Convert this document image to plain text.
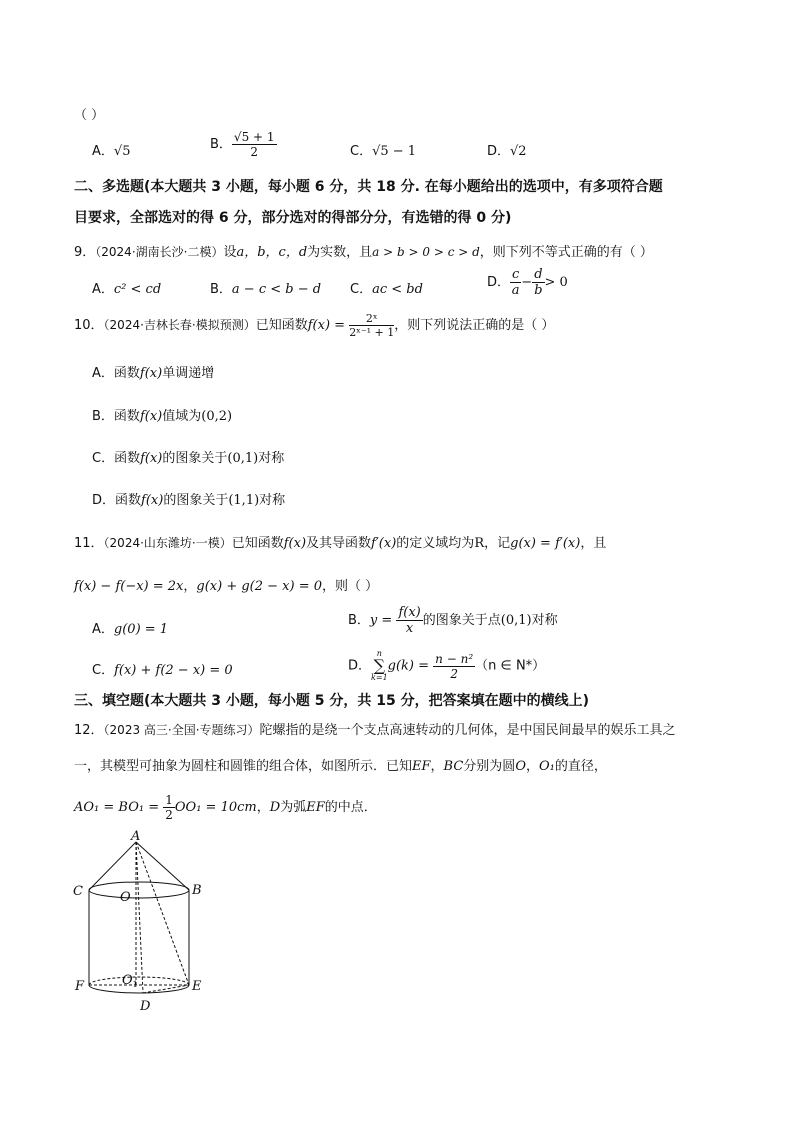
（ ）
A．√5	B． $\frac{√5 + 1}{2}$	C．√5 − 1	D．√2
二、多选题(本大题共 3 小题，每小题 6 分，共 18 分. 在每小题给出的选项中，有多项符合题
目要求，全部选对的得 6 分，部分选对的得部分分，有选错的得 0 分)
9．（2024·湖南长沙·二模）设a，b，c，d为实数，且a > b > 0 > c > d，则下列不等式正确的有（ ）
A．c² < cd	B．a − c < b − d C．ac < bd	D． $\frac{c}{a} - \frac{d}{b} > 0$
10．（2024·吉林长春·模拟预测）已知函数$f(x) = \frac{\text{2ˣ}}{\text{2ˣ⁻¹ + 1}}$ ，则下列说法正确的是（ ）
A．函数f(x)单调递增
B．函数f(x)值域为(0,2)
C．函数f(x)的图象关于(0,1)对称
D．函数f(x)的图象关于(1,1)对称
11．（2024·山东潍坊·一模）已知函数f(x)及其导函数f′(x)的定义域均为R，记g(x) = f′(x)，且
f(x) − f(−x) = 2x，g(x) + g(2 − x) = 0，则（ ）
A．g(0) = 1
B．$y = \frac{f(x)}{x}$ 的图象关于点(0,1)对称
C．f(x) + f(2 − x) = 0	D．
n
∑
k=1
$g(k) = \frac{\text{n − n²}}{2} (n$ ∈ N*）
三、填空题(本大题共 3 小题，每小题 5 分，共 15 分，把答案填在题中的横线上)
12．（2023 高三·全国·专题练习）陀螺指的是绕一个支点高速转动的几何体，是中国民间最早的娱乐工具之
一，其模型可抽象为圆柱和圆锥的组合体，如图所示．已知EF，BC分别为圆O，O₁的直径，
$AO_1 = BO_1 = \frac{1}{2} OO_1 = 10cm$，D为弧EF的中点．
A
B
C	O
$O_1$
F	E
D
